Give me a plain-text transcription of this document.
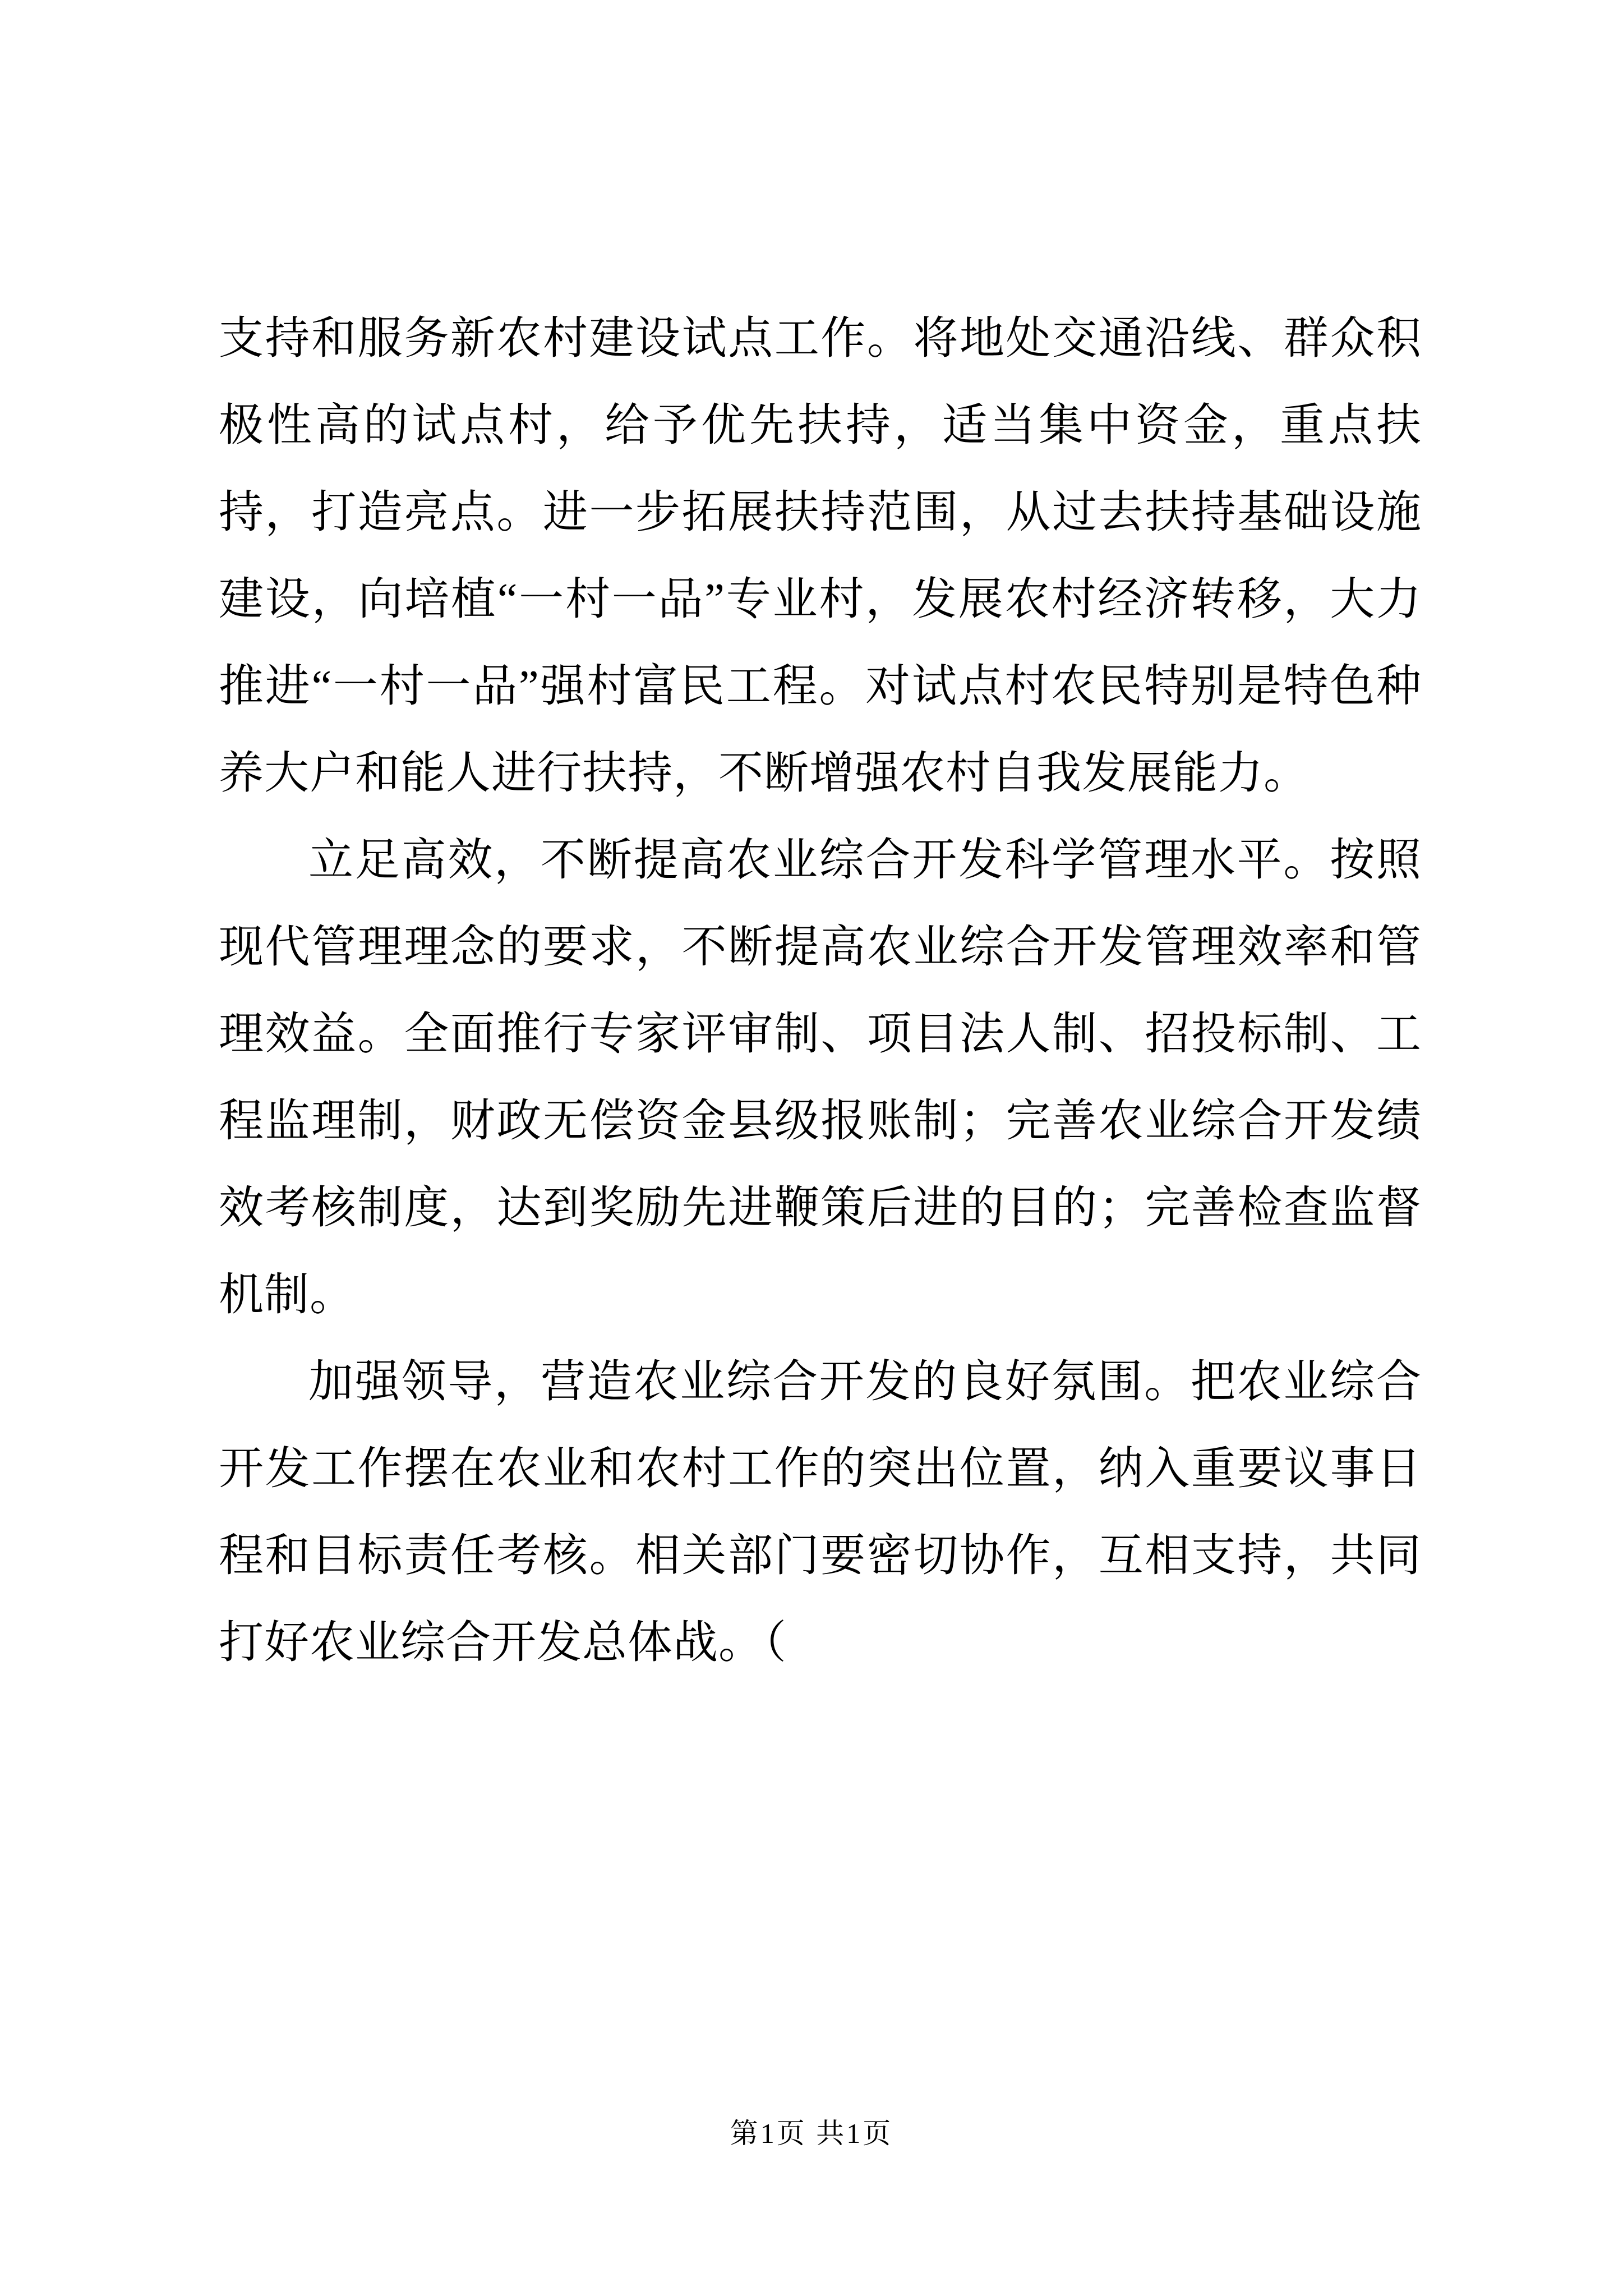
支持和服务新农村建设试点工作。将地处交通沿线、群众积极性高的试点村，给予优先扶持，适当集中资金，重点扶持，打造亮点。进一步拓展扶持范围，从过去扶持基础设施建设，向培植“一村一品”专业村，发展农村经济转移，大力推进“一村一品”强村富民工程。对试点村农民特别是特色种养大户和能人进行扶持，不断增强农村自我发展能力。

立足高效，不断提高农业综合开发科学管理水平。按照现代管理理念的要求，不断提高农业综合开发管理效率和管理效益。全面推行专家评审制、项目法人制、招投标制、工程监理制，财政无偿资金县级报账制；完善农业综合开发绩效考核制度，达到奖励先进鞭策后进的目的；完善检查监督机制。

加强领导，营造农业综合开发的良好氛围。把农业综合开发工作摆在农业和农村工作的突出位置，纳入重要议事日程和目标责任考核。相关部门要密切协作，互相支持，共同打好农业综合开发总体战。（

第1页 共1页
